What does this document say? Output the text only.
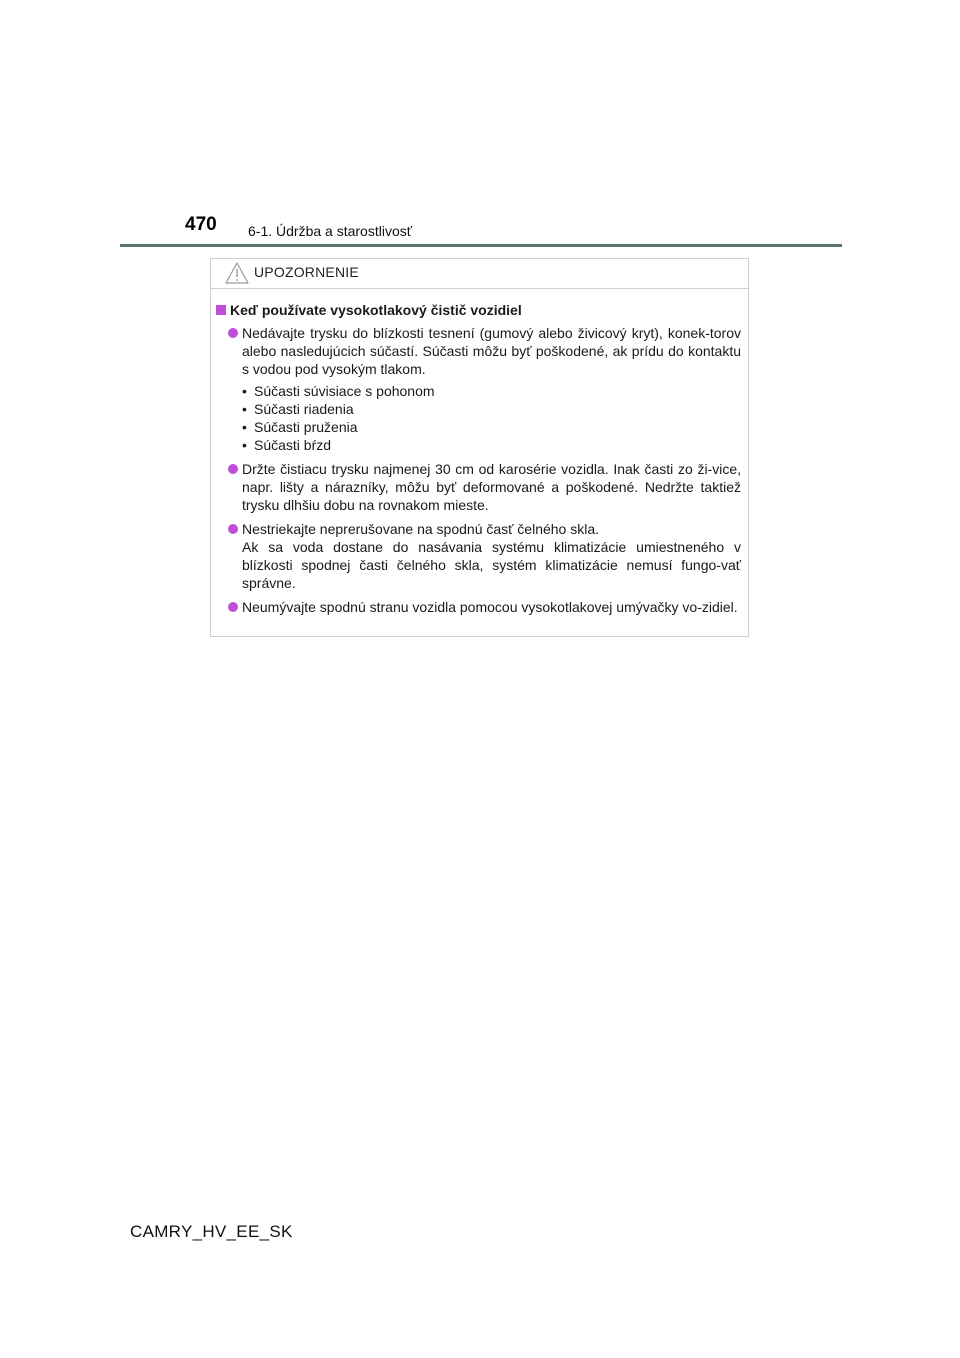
470 6-1. Údržba a starostlivosť
UPOZORNENIE
Keď používate vysokotlakový čistič vozidiel
Nedávajte trysku do blízkosti tesnení (gumový alebo živicový kryt), konek-torov alebo nasledujúcich súčastí. Súčasti môžu byť poškodené, ak prídu do kontaktu s vodou pod vysokým tlakom.
• Súčasti súvisiace s pohonom
• Súčasti riadenia
• Súčasti pruženia
• Súčasti bŕzd
Držte čistiacu trysku najmenej 30 cm od karosérie vozidla. Inak časti zo ži-vice, napr. lišty a nárazníky, môžu byť deformované a poškodené. Nedržte taktiež trysku dlhšiu dobu na rovnakom mieste.
Nestriekajte neprerušovane na spodnú časť čelného skla.
Ak sa voda dostane do nasávania systému klimatizácie umiestneného v blízkosti spodnej časti čelného skla, systém klimatizácie nemusí fungo-vať správne.
Neumývajte spodnú stranu vozidla pomocou vysokotlakovej umývačky vo-zidiel.
CAMRY_HV_EE_SK
